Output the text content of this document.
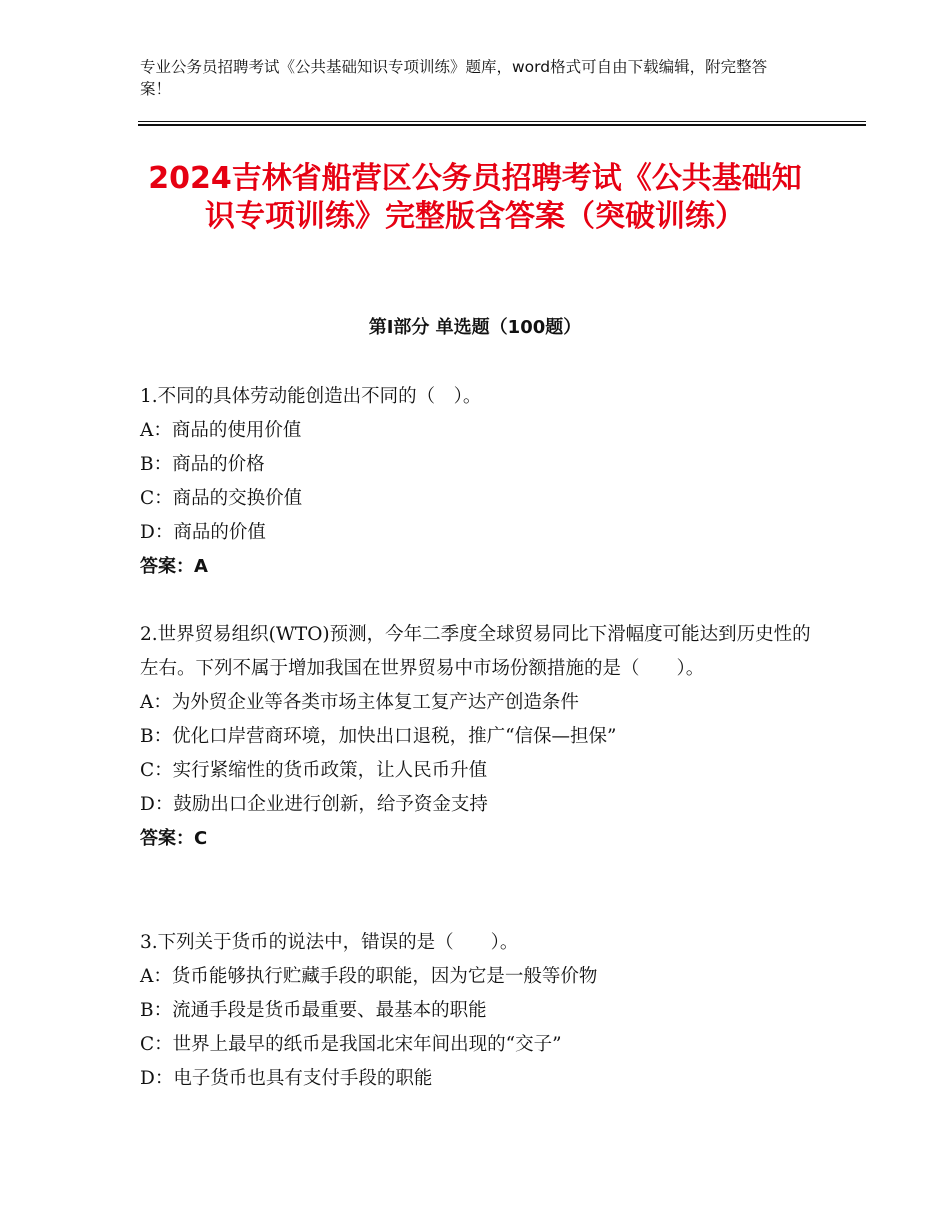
专业公务员招聘考试《公共基础知识专项训练》题库，word格式可自由下载编辑，附完整答案！
2024吉林省船营区公务员招聘考试《公共基础知识专项训练》完整版含答案（突破训练）
第Ⅰ部分 单选题（100题）
1.不同的具体劳动能创造出不同的（　）。
A：商品的使用价值
B：商品的价格
C：商品的交换价值
D：商品的价值
答案：A
2.世界贸易组织(WTO)预测，今年二季度全球贸易同比下滑幅度可能达到历史性的左右。下列不属于增加我国在世界贸易中市场份额措施的是（　　）。
A：为外贸企业等各类市场主体复工复产达产创造条件
B：优化口岸营商环境，加快出口退税，推广“信保—担保”
C：实行紧缩性的货币政策，让人民币升值
D：鼓励出口企业进行创新，给予资金支持
答案：C
3.下列关于货币的说法中，错误的是（　　）。
A：货币能够执行贮藏手段的职能，因为它是一般等价物
B：流通手段是货币最重要、最基本的职能
C：世界上最早的纸币是我国北宋年间出现的“交子”
D：电子货币也具有支付手段的职能
